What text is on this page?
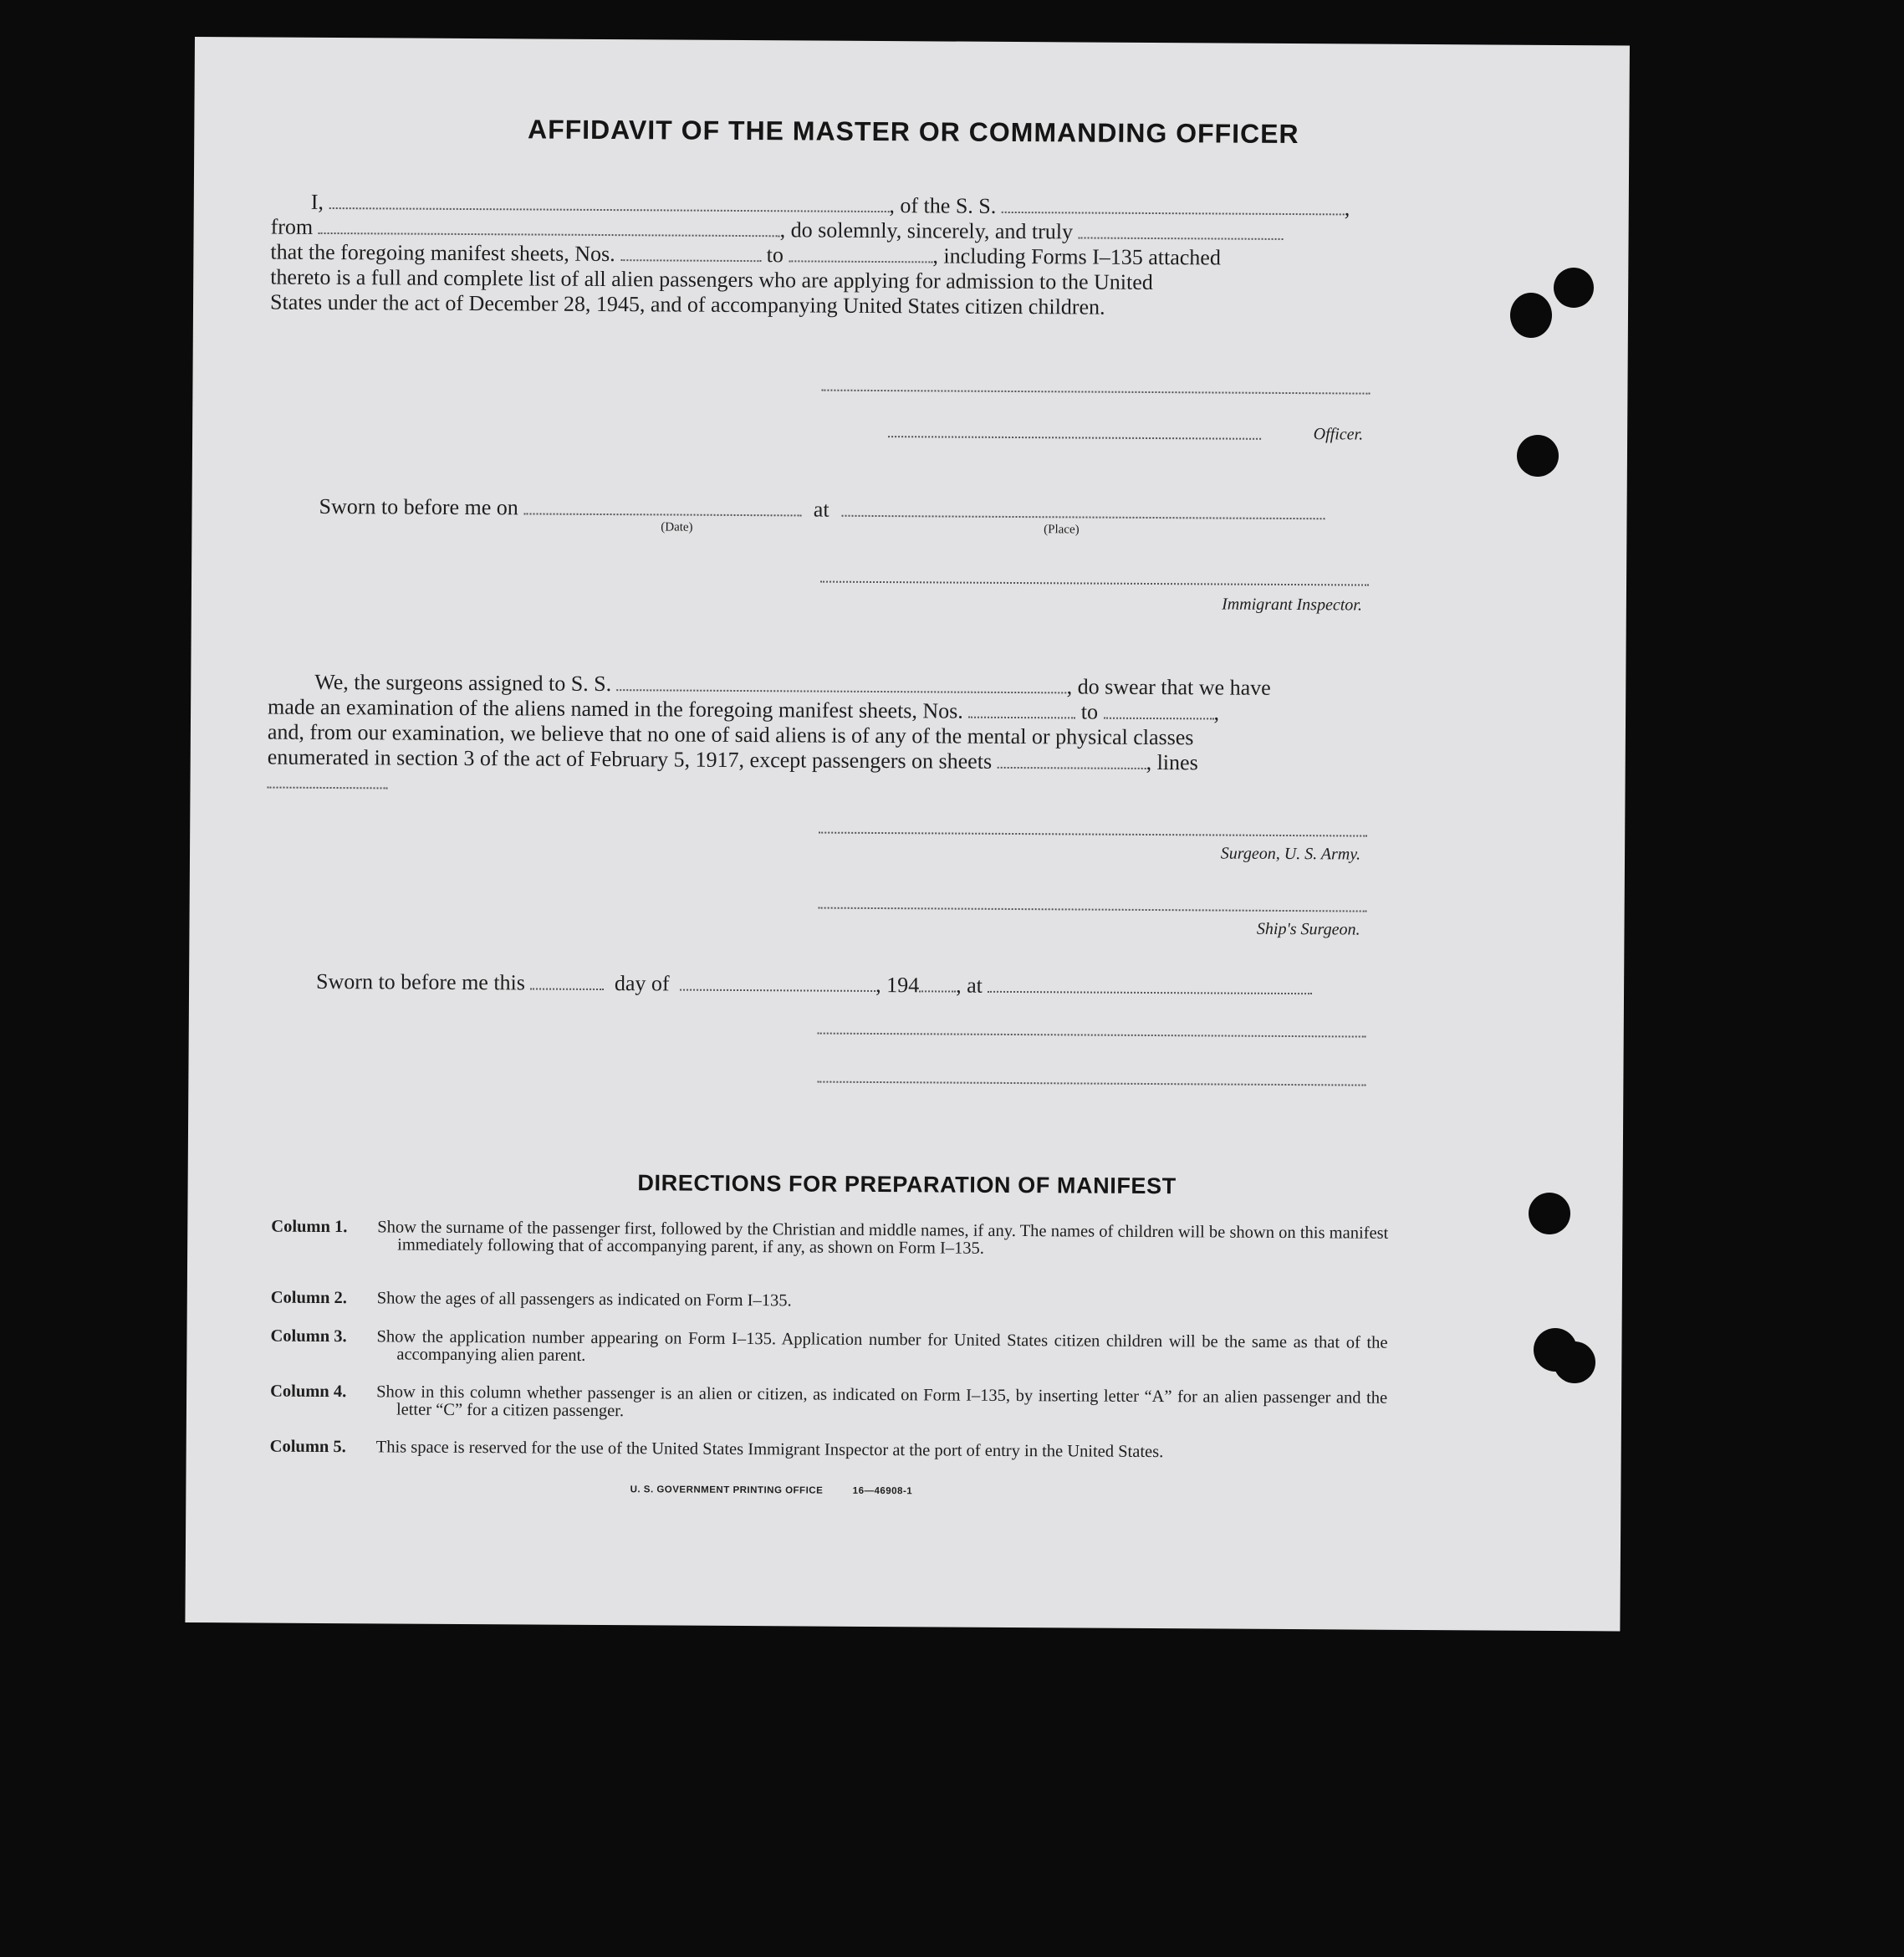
AFFIDAVIT OF THE MASTER OR COMMANDING OFFICER
I,	, of the S. S.	,
from	, do solemnly, sincerely, and truly
that the foregoing manifest sheets, Nos.	to	, including Forms I–135 attached
thereto is a full and complete list of all alien passengers who are applying for admission to the United
States under the act of December 28, 1945, and of accompanying United States citizen children.
Officer.
Sworn to before me on	at
(Date)	(Place)
Immigrant Inspector.
We, the surgeons assigned to S. S.	, do swear that we have
made an examination of the aliens named in the foregoing manifest sheets, Nos.	to	,
and, from our examination, we believe that no one of said aliens is of any of the mental or physical classes
enumerated in section 3 of the act of February 5, 1917, except passengers on sheets	, lines
Surgeon, U. S. Army.
Ship's Surgeon.
Sworn to before me this	day of	, 194 , at
DIRECTIONS FOR PREPARATION OF MANIFEST
Column 1.	Show the surname of the passenger first, followed by the Christian and middle names, if any. The names of children will be shown on this manifest immediately following that of accompanying parent, if any, as shown on Form I–135.
Column 2.	Show the ages of all passengers as indicated on Form I–135.
Column 3.	Show the application number appearing on Form I–135. Application number for United States citizen children will be the same as that of the accompanying alien parent.
Column 4.	Show in this column whether passenger is an alien or citizen, as indicated on Form I–135, by inserting letter “A” for an alien passenger and the letter “C” for a citizen passenger.
Column 5.	This space is reserved for the use of the United States Immigrant Inspector at the port of entry in the United States.
U. S. GOVERNMENT PRINTING OFFICE	16—46908-1
